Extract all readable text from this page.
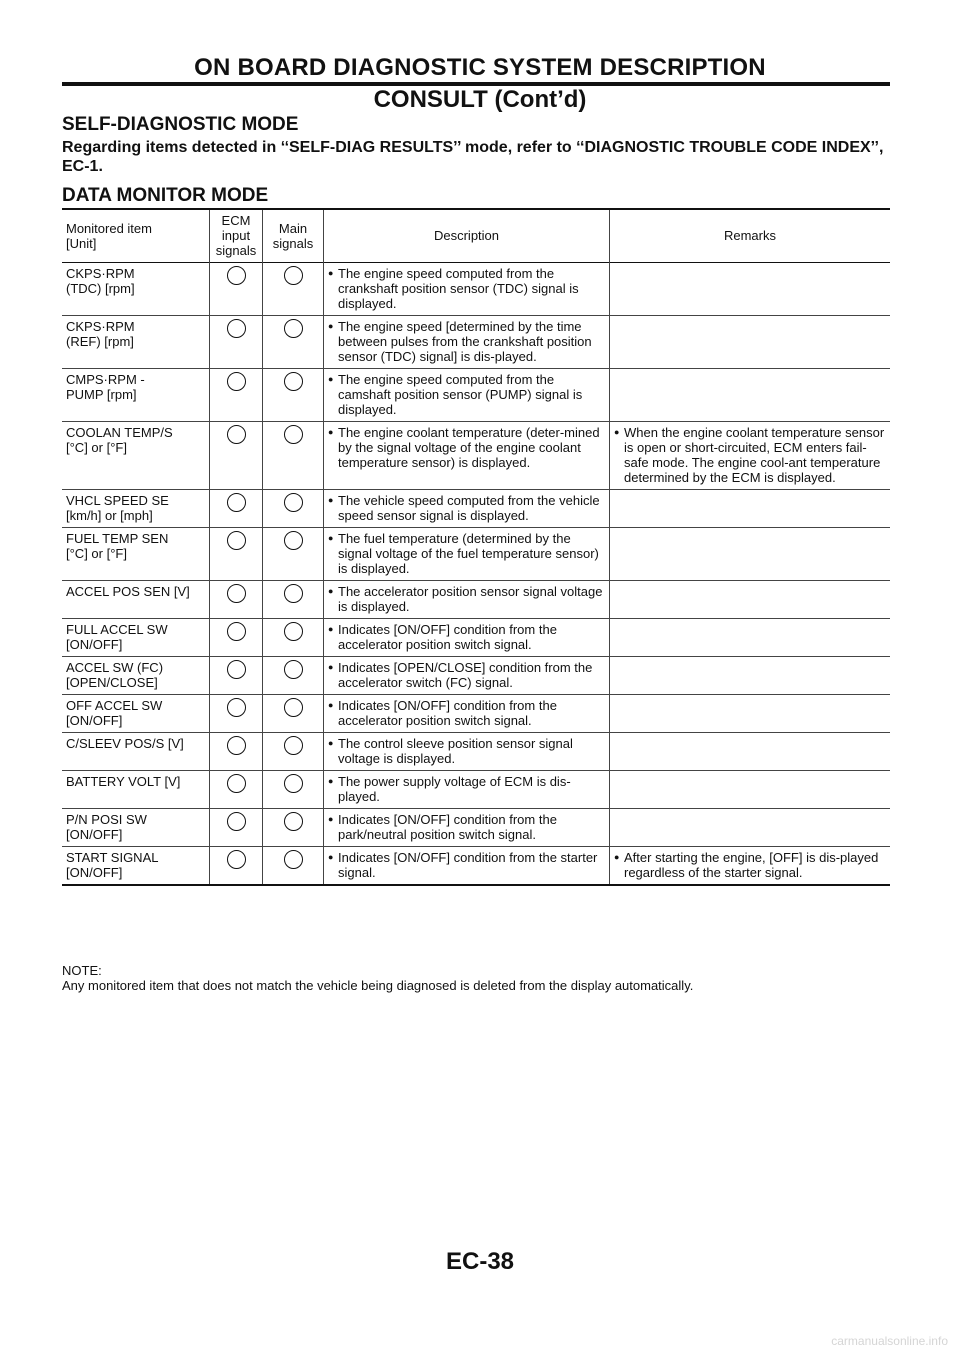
ON BOARD DIAGNOSTIC SYSTEM DESCRIPTION
CONSULT (Cont’d)
SELF-DIAGNOSTIC MODE
Regarding items detected in ‘‘SELF-DIAG RESULTS’’ mode, refer to ‘‘DIAGNOSTIC TROUBLE CODE INDEX’’, EC-1.
DATA MONITOR MODE
Monitored item
[Unit]	ECM
input
signals	Main
signals	Description	Remarks
CKPS·RPM
(TDC) [rpm]			● The engine speed computed from the crankshaft position sensor (TDC) signal is displayed.	

CKPS·RPM
(REF) [rpm]			● The engine speed [determined by the time between pulses from the crankshaft position sensor (TDC) signal] is dis-played.	

CMPS·RPM -
PUMP [rpm]			● The engine speed computed from the camshaft position sensor (PUMP) signal is displayed.	

COOLAN TEMP/S
[°C] or [°F]			● The engine coolant temperature (deter-mined by the signal voltage of the engine coolant temperature sensor) is displayed.	● When the engine coolant temperature sensor is open or short-circuited, ECM enters fail-safe mode. The engine cool-ant temperature determined by the ECM is displayed.

VHCL SPEED SE
[km/h] or [mph]			● The vehicle speed computed from the vehicle speed sensor signal is displayed.	

FUEL TEMP SEN
[°C] or [°F]			● The fuel temperature (determined by the signal voltage of the fuel temperature sensor) is displayed.	

ACCEL POS SEN [V]			● The accelerator position sensor signal voltage is displayed.	

FULL ACCEL SW
[ON/OFF]			● Indicates [ON/OFF] condition from the accelerator position switch signal.	

ACCEL SW (FC)
[OPEN/CLOSE]			● Indicates [OPEN/CLOSE] condition from the accelerator switch (FC) signal.	

OFF ACCEL SW
[ON/OFF]			● Indicates [ON/OFF] condition from the accelerator position switch signal.	

C/SLEEV POS/S [V]			● The control sleeve position sensor signal voltage is displayed.	

BATTERY VOLT [V]			● The power supply voltage of ECM is dis-played.	

P/N POSI SW
[ON/OFF]			● Indicates [ON/OFF] condition from the park/neutral position switch signal.	

START SIGNAL
[ON/OFF]			● Indicates [ON/OFF] condition from the starter signal.	● After starting the engine, [OFF] is dis-played regardless of the starter signal.
NOTE:
Any monitored item that does not match the vehicle being diagnosed is deleted from the display automatically.
EC-38
carmanualsonline.info
